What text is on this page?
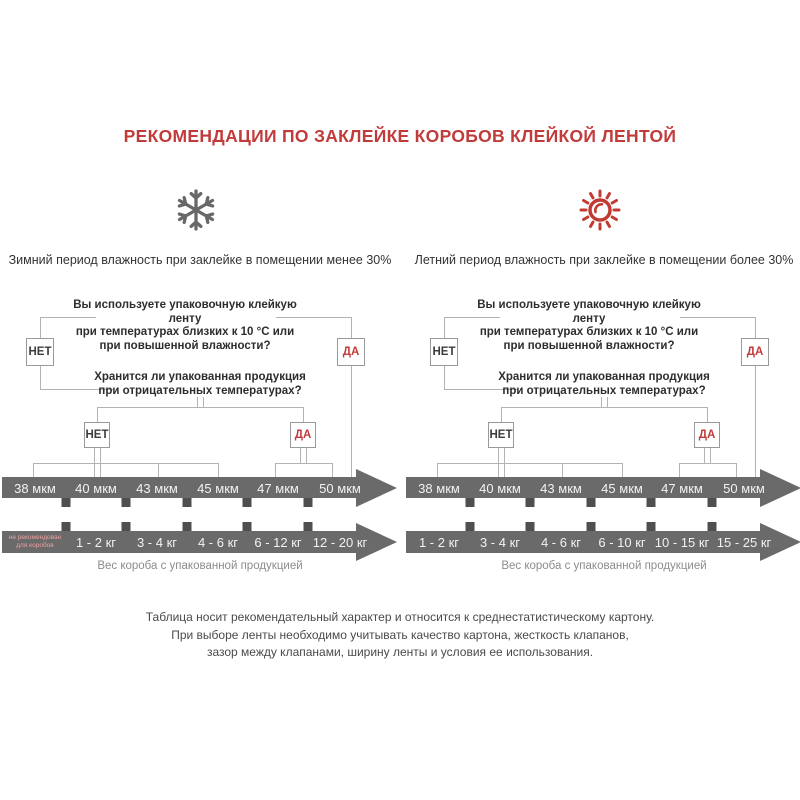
РЕКОМЕНДАЦИИ ПО ЗАКЛЕЙКЕ КОРОБОВ КЛЕЙКОЙ ЛЕНТОЙ
Зимний период влажность при заклейке в помещении менее 30%
Вы используете упаковочную клейкую ленту
при температурах близких к 10 °С или
при повышенной влажности?
НЕТ	ДА
Хранится ли упакованная продукция
при отрицательных температурах?
НЕТ	ДА
38 мкм 40 мкм 43 мкм 45 мкм 47 мкм 50 мкм
не рекомендован
для коробов	1 - 2 кг 3 - 4 кг 4 - 6 кг 6 - 12 кг 12 - 20 кг
Вес короба с упакованной продукцией
Летний период влажность при заклейке в помещении более 30%
Вы используете упаковочную клейкую ленту
при температурах близких к 10 °С или
при повышенной влажности?
НЕТ	ДА
Хранится ли упакованная продукция
при отрицательных температурах?
НЕТ	ДА
38 мкм 40 мкм 43 мкм 45 мкм 47 мкм 50 мкм
1 - 2 кг 3 - 4 кг 4 - 6 кг 6 - 10 кг 10 - 15 кг 15 - 25 кг
Вес короба с упакованной продукцией
Таблица носит рекомендательный характер и относится к среднестатистическому картону.
При выборе ленты необходимо учитывать качество картона, жесткость клапанов,
зазор между клапанами, ширину ленты и условия ее использования.
